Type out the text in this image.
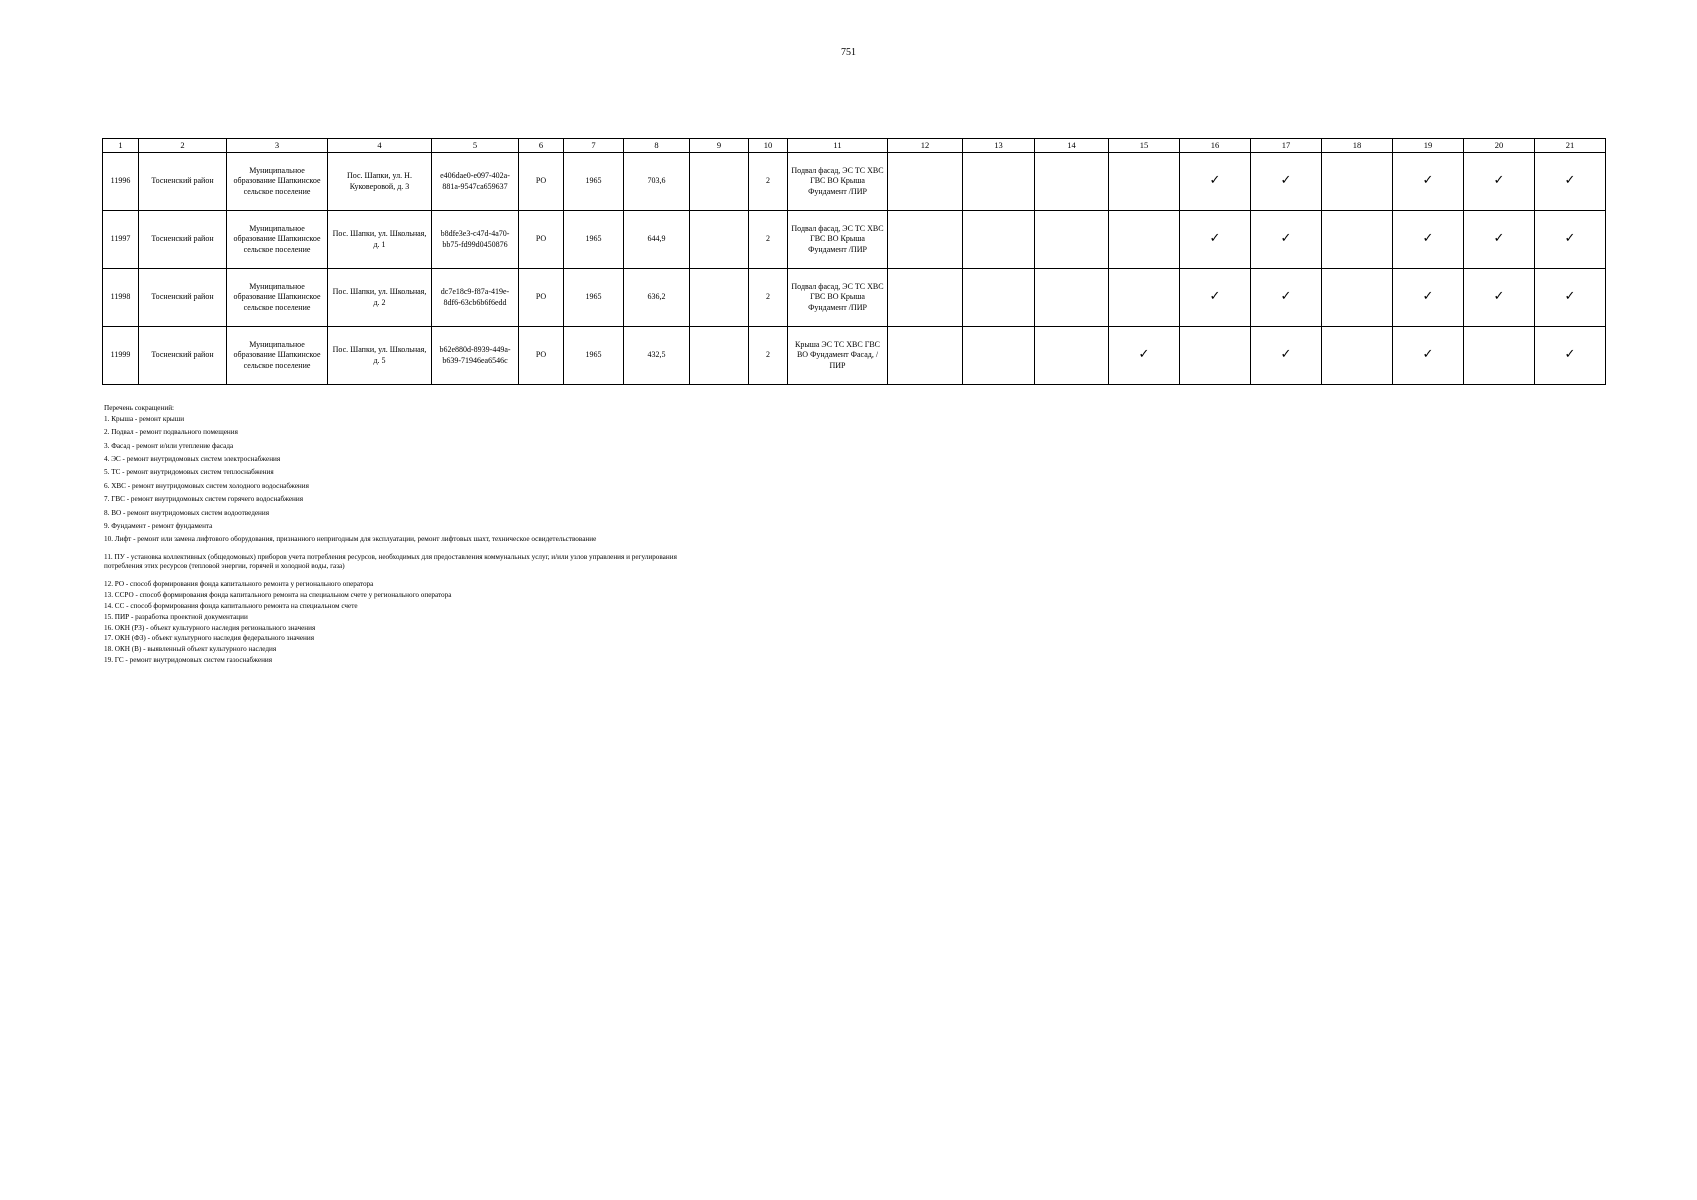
751
1	2	3	4	5	6	7	8	9	10	11	12	13	14	15	16	17	18	19	20	21
11996	Тосненский район	Муниципальное образование Шапкинское сельское поселение	Пос. Шапки, ул. Н. Куковеровой, д. 3	e406dae0-e097-402a-881a-9547ca659637	РО	1965	703,6		2	Подвал фасад, ЭС ТС ХВС ГВС ВО Крыша Фундамент /ПИР					✓	✓		✓	✓	✓
11997	Тосненский район	Муниципальное образование Шапкинское сельское поселение	Пос. Шапки, ул. Школьная, д. 1	b8dfe3e3-c47d-4a70-bb75-fd99d0450876	РО	1965	644,9		2	Подвал фасад, ЭС ТС ХВС ГВС ВО Крыша Фундамент /ПИР					✓	✓		✓	✓	✓
11998	Тосненский район	Муниципальное образование Шапкинское сельское поселение	Пос. Шапки, ул. Школьная, д. 2	dc7e18c9-f87a-419e-8df6-63cb6b6f6edd	РО	1965	636,2		2	Подвал фасад, ЭС ТС ХВС ГВС ВО Крыша Фундамент /ПИР					✓	✓		✓	✓	✓
11999	Тосненский район	Муниципальное образование Шапкинское сельское поселение	Пос. Шапки, ул. Школьная, д. 5	b62e880d-8939-449a-b639-71946ea6546c	РО	1965	432,5		2	Крыша ЭС ТС ХВС ГВС ВО Фундамент Фасад, /ПИР				✓		✓		✓		✓

Перечень сокращений:

1. Крыша - ремонт крыши

2. Подвал - ремонт подвального помещения

3. Фасад - ремонт и/или утепление фасада

4. ЭС - ремонт внутридомовых систем электроснабжения

5. ТС - ремонт внутридомовых систем теплоснабжения

6. ХВС - ремонт внутридомовых систем холодного водоснабжения

7. ГВС - ремонт внутридомовых систем горячего водоснабжения

8. ВО - ремонт внутридомовых систем водоотведения

9. Фундамент - ремонт фундамента

10. Лифт - ремонт или замена лифтового оборудования, признанного непригодным для эксплуатации, ремонт лифтовых шахт, техническое освидетельствование

11. ПУ - установка коллективных (общедомовых) приборов учета потребления ресурсов, необходимых для предоставления коммунальных услуг, и/или узлов управления и регулирования потребления этих ресурсов (тепловой энергии, горячей и холодной воды, газа)

12. РО - способ формирования фонда капитального ремонта у регионального оператора

13. ССРО - способ формирования фонда капитального ремонта на специальном счете у регионального оператора

14. СС - способ формирования фонда капитального ремонта на специальном счете

15. ПИР - разработка проектной документации

16. ОКН (РЗ) - объект культурного наследия регионального значения

17. ОКН (ФЗ) - объект культурного наследия федерального значения

18. ОКН (В) - выявленный объект культурного наследия

19. ГС - ремонт внутридомовых систем газоснабжения
